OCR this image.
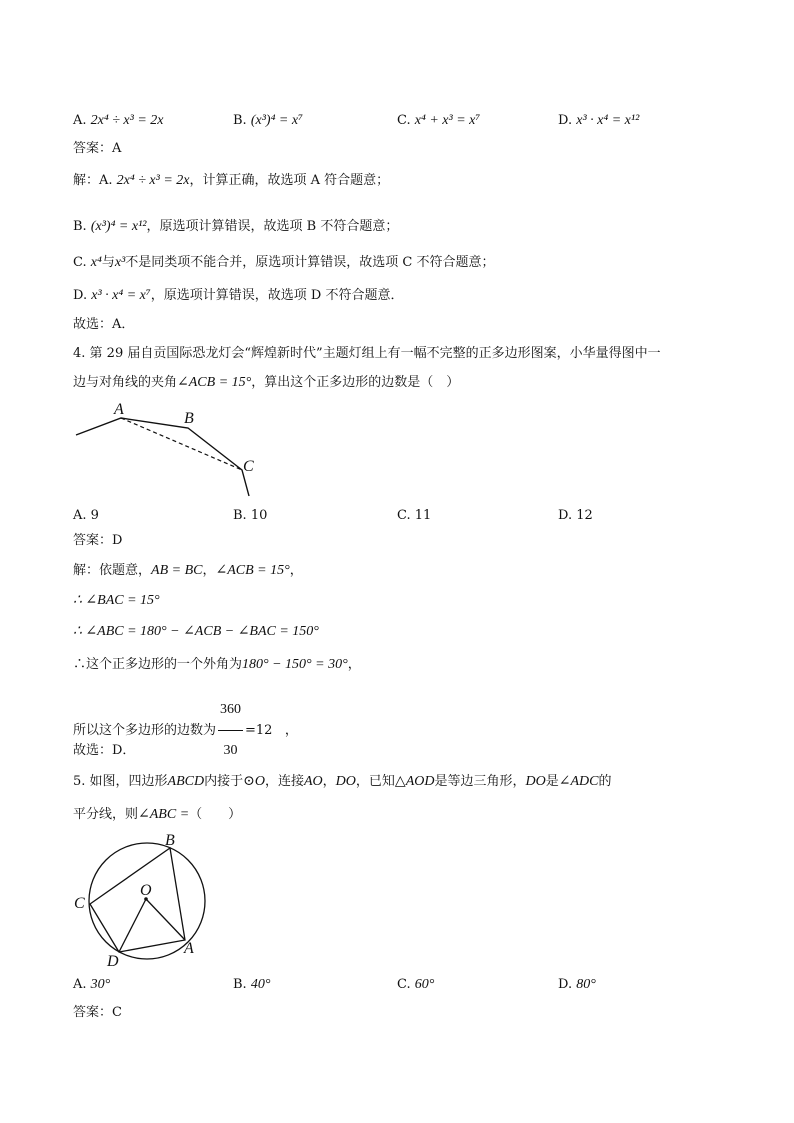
A. 2x⁴ ÷ x³ = 2x	B. (x³)⁴ = x⁷	C. x⁴ + x³ = x⁷	D. x³ · x⁴ = x¹²
答案：A
解：A. 2x⁴ ÷ x³ = 2x，计算正确，故选项 A 符合题意；
B. (x³)⁴ = x¹²，原选项计算错误，故选项 B 不符合题意；
C. x⁴与x³不是同类项不能合并，原选项计算错误，故选项 C 不符合题意；
D. x³ · x⁴ = x⁷，原选项计算错误，故选项 D 不符合题意．
故选：A．
4. 第 29 届自贡国际恐龙灯会“辉煌新时代”主题灯组上有一幅不完整的正多边形图案，小华量得图中一
边与对角线的夹角∠ACB = 15°，算出这个正多边形的边数是（　）
A
B
C
A. 9	B. 10	C. 11	D. 12
答案：D
解：依题意，AB = BC，∠ACB = 15°，
∴ ∠BAC = 15°
∴ ∠ABC = 180° − ∠ACB − ∠BAC = 150°
∴这个正多边形的一个外角为180° − 150° = 30°，
所以这个多边形的边数为 $\frac{360}{30} =12$ ，
故选：D．
5. 如图，四边形ABCD内接于⊙O，连接AO，DO，已知△AOD是等边三角形，DO是∠ADC的
平分线，则∠ABC =（　　）
O
B
C
D
A
A. 30°	B. 40°	C. 60°	D. 80°
答案：C
